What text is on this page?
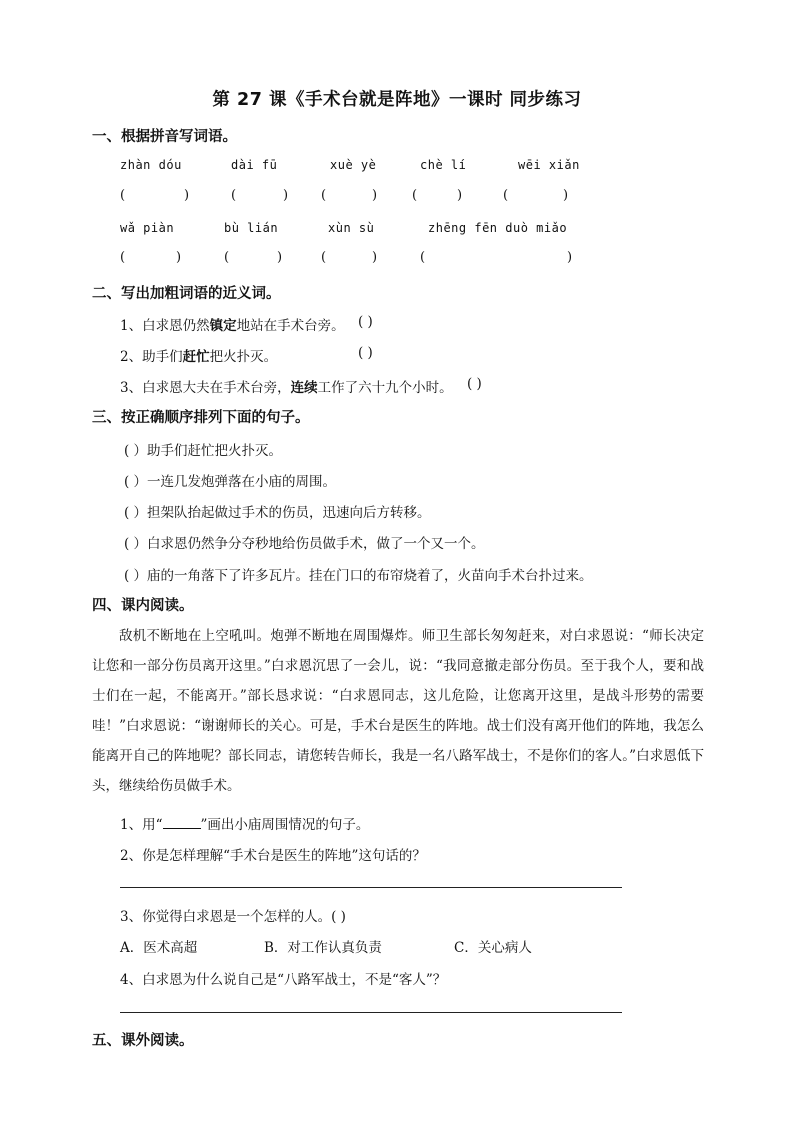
第 27 课《手术台就是阵地》一课时 同步练习
一、根据拼音写词语。
zhàn dóu	dài fū	xuè yè	chè lí	wēi xiǎn
(	)	(	)	(	)	(	)	(	)
wǎ piàn	bù lián	xùn sù	zhēng fēn duò miǎo
(	)	(	)	(	)	(	)
二、写出加粗词语的近义词。
1、白求恩仍然镇定地站在手术台旁。 ( )
2、助手们赶忙把火扑灭。	( )
3、白求恩大夫在手术台旁，连续工作了六十九个小时。 ( )
三、按正确顺序排列下面的句子。
( ）助手们赶忙把火扑灭。
( ）一连几发炮弹落在小庙的周围。
( ）担架队抬起做过手术的伤员，迅速向后方转移。
( ）白求恩仍然争分夺秒地给伤员做手术，做了一个又一个。
( ）庙的一角落下了许多瓦片。挂在门口的布帘烧着了，火苗向手术台扑过来。
四、课内阅读。
敌机不断地在上空吼叫。炮弹不断地在周围爆炸。师卫生部长匆匆赶来，对白求恩说：“师长决定让您和一部分伤员离开这里。”白求恩沉思了一会儿，说：“我同意撤走部分伤员。至于我个人，要和战士们在一起，不能离开。”部长恳求说：“白求恩同志，这儿危险，让您离开这里，是战斗形势的需要哇！”白求恩说：“谢谢师长的关心。可是，手术台是医生的阵地。战士们没有离开他们的阵地，我怎么能离开自己的阵地呢？部长同志，请您转告师长，我是一名八路军战士，不是你们的客人。”白求恩低下头，继续给伤员做手术。
1、用“	”画出小庙周围情况的句子。
2、你是怎样理解“手术台是医生的阵地”这句话的？
3、你觉得白求恩是一个怎样的人。( )
A．医术高超	B．对工作认真负责	C．关心病人
4、白求恩为什么说自己是“八路军战士，不是“客人”？
五、课外阅读。
